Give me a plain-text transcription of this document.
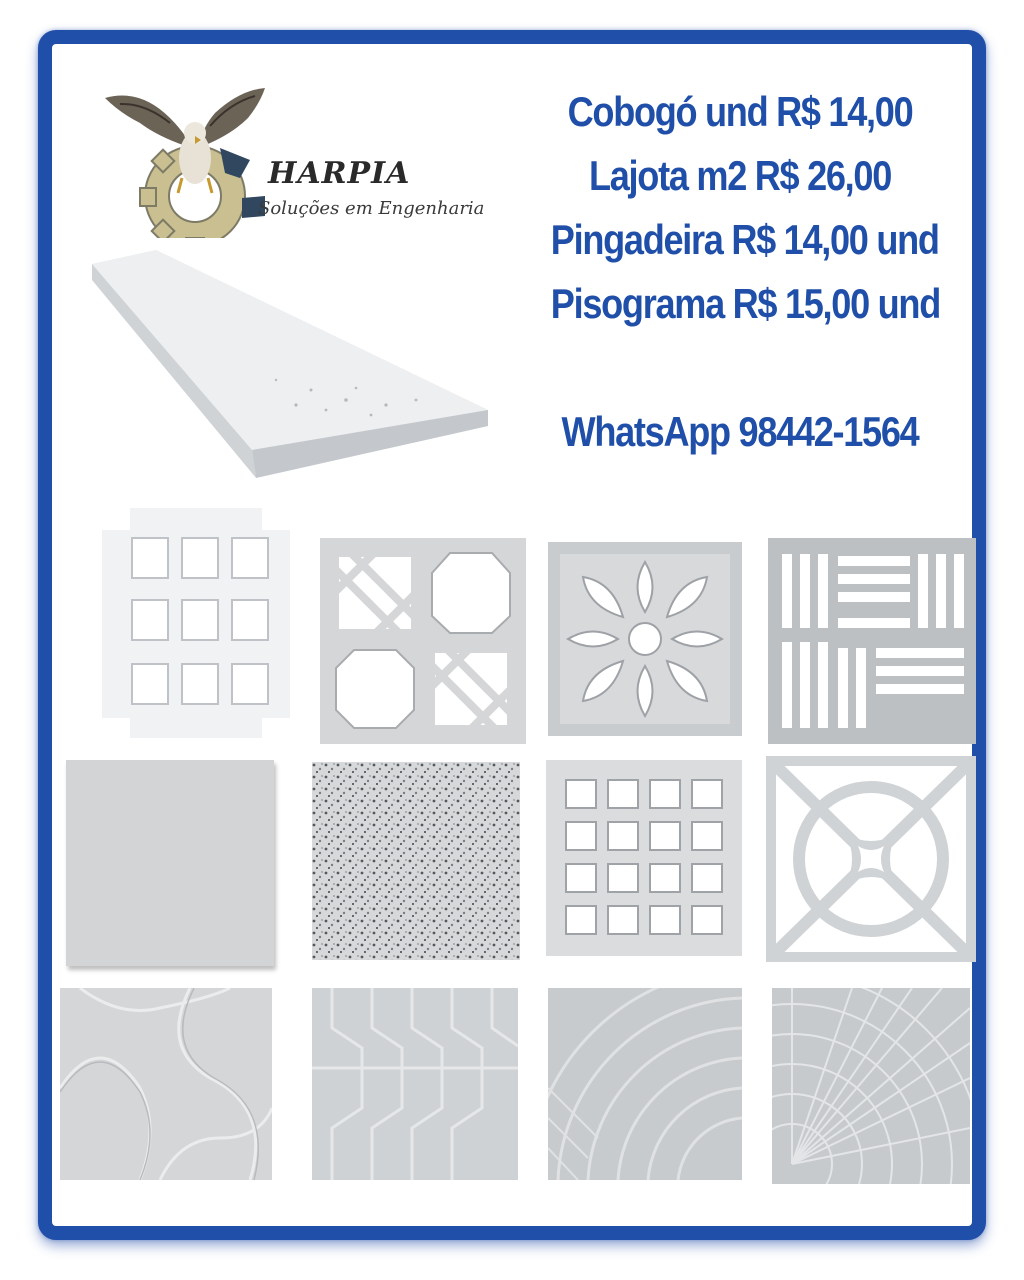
HARPIA
Soluções em Engenharia
Cobogó und R$ 14,00
Lajota m2 R$ 26,00
Pingadeira R$ 14,00 und
Pisograma R$ 15,00 und
WhatsApp 98442-1564
